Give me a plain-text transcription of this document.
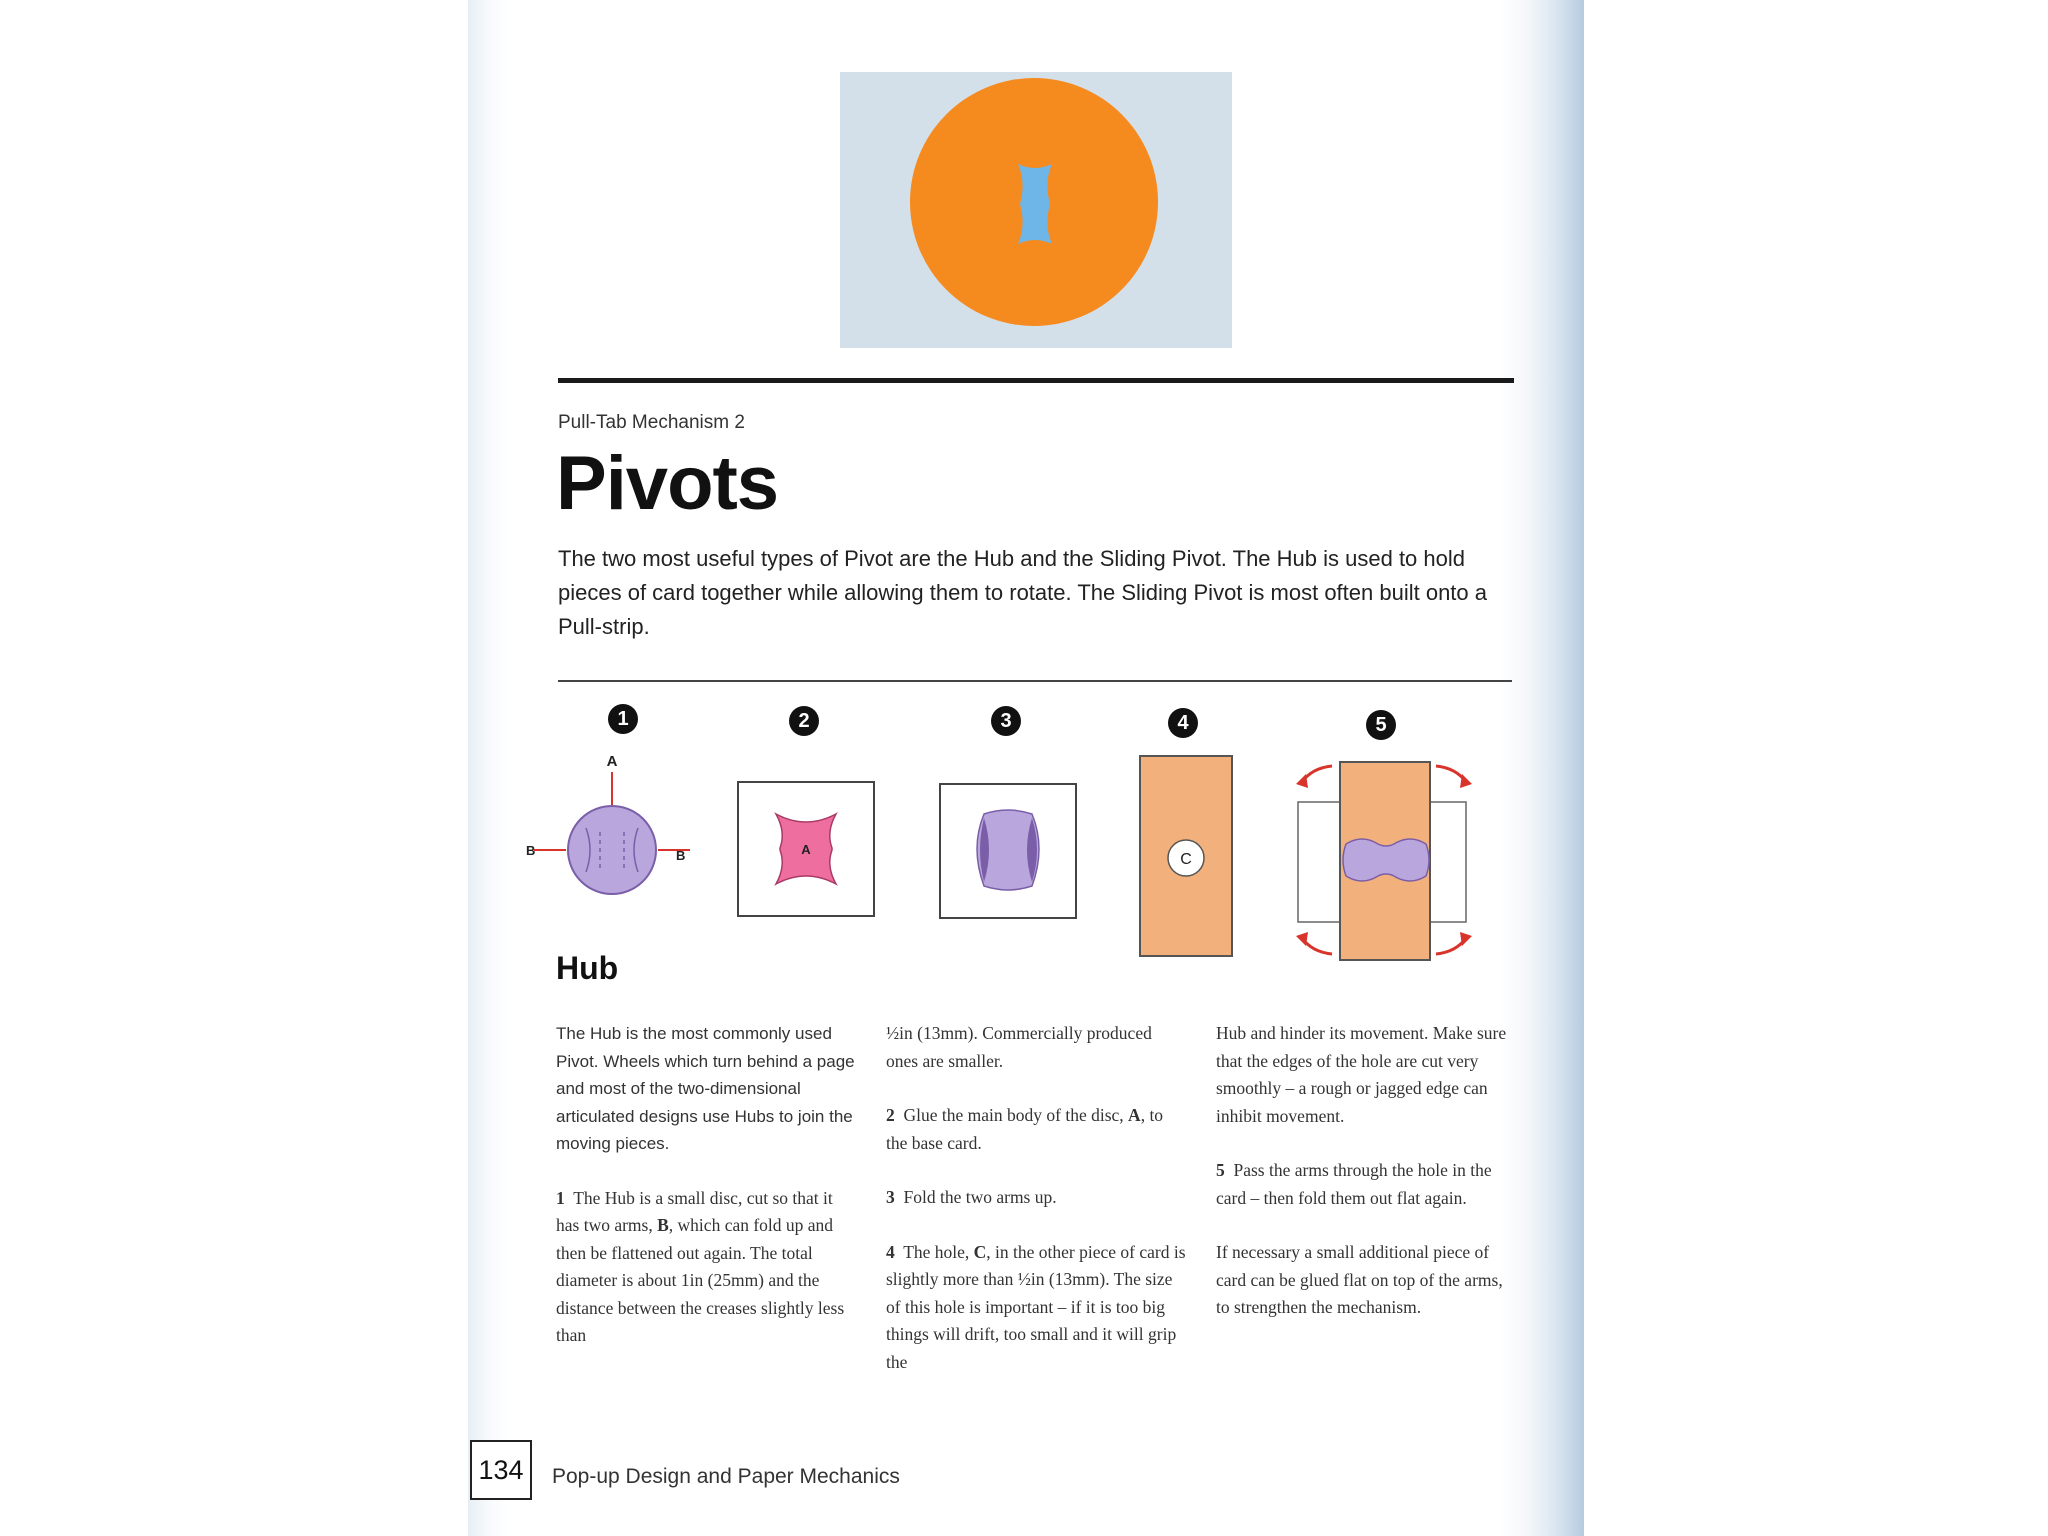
Pull-Tab Mechanism 2
Pivots
The two most useful types of Pivot are the Hub and the Sliding Pivot. The Hub is used to hold pieces of card together while allowing them to rotate. The Sliding Pivot is most often built onto a Pull-strip.
1	2	3	4	5
A
B	B	A
C
Hub

The Hub is the most commonly used Pivot. Wheels which turn behind a page and most of the two-dimensional articulated designs use Hubs to join the moving pieces.

1 The Hub is a small disc, cut so that it has two arms, B, which can fold up and then be flattened out again. The total diameter is about 1in (25mm) and the distance between the creases slightly less than

½in (13mm). Commercially produced ones are smaller.

2 Glue the main body of the disc, A, to the base card.

3 Fold the two arms up.

4 The hole, C, in the other piece of card is slightly more than ½in (13mm). The size of this hole is important – if it is too big things will drift, too small and it will grip the

Hub and hinder its movement. Make sure that the edges of the hole are cut very smoothly – a rough or jagged edge can inhibit movement.

5 Pass the arms through the hole in the card – then fold them out flat again.

If necessary a small additional piece of card can be glued flat on top of the arms, to strengthen the mechanism.

134	Pop-up Design and Paper Mechanics
